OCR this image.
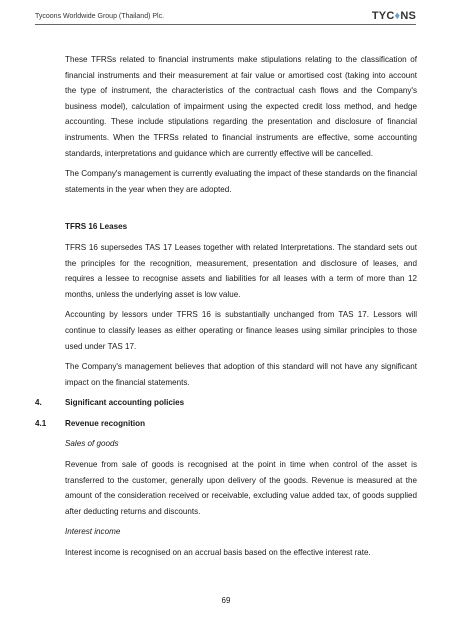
Tycoons Worldwide Group (Thailand) Plc.	TYC♦NS

These TFRSs related to financial instruments make stipulations relating to the classification of financial instruments and their measurement at fair value or amortised cost (taking into account the type of instrument, the characteristics of the contractual cash flows and the Company's business model), calculation of impairment using the expected credit loss method, and hedge accounting. These include stipulations regarding the presentation and disclosure of financial instruments. When the TFRSs related to financial instruments are effective, some accounting standards, interpretations and guidance which are currently effective will be cancelled.

The Company's management is currently evaluating the impact of these standards on the financial statements in the year when they are adopted.

TFRS 16 Leases

TFRS 16 supersedes TAS 17 Leases together with related Interpretations. The standard sets out the principles for the recognition, measurement, presentation and disclosure of leases, and requires a lessee to recognise assets and liabilities for all leases with a term of more than 12 months, unless the underlying asset is low value.

Accounting by lessors under TFRS 16 is substantially unchanged from TAS 17. Lessors will continue to classify leases as either operating or finance leases using similar principles to those used under TAS 17.

The Company's management believes that adoption of this standard will not have any significant impact on the financial statements.

4.	Significant accounting policies
4.1 Revenue recognition
Sales of goods

Revenue from sale of goods is recognised at the point in time when control of the asset is transferred to the customer, generally upon delivery of the goods. Revenue is measured at the amount of the consideration received or receivable, excluding value added tax, of goods supplied after deducting returns and discounts.

Interest income

Interest income is recognised on an accrual basis based on the effective interest rate.

69
